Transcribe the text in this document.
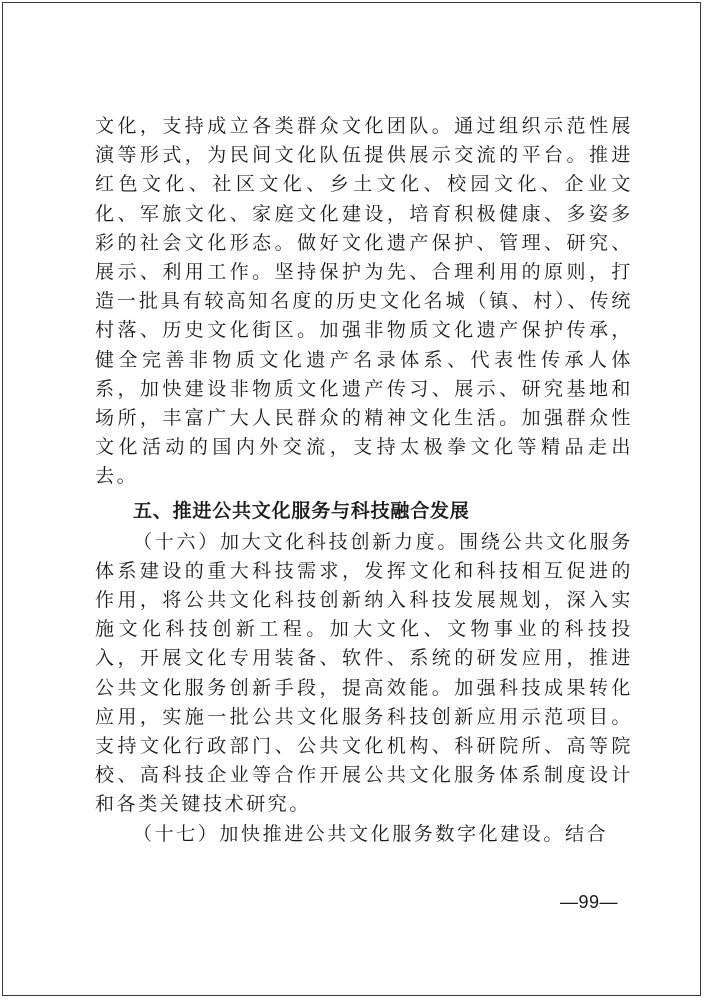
文化，支持成立各类群众文化团队。通过组织示范性展演等形式，为民间文化队伍提供展示交流的平台。推进红色文化、社区文化、乡土文化、校园文化、企业文化、军旅文化、家庭文化建设，培育积极健康、多姿多彩的社会文化形态。做好文化遗产保护、管理、研究、展示、利用工作。坚持保护为先、合理利用的原则，打造一批具有较高知名度的历史文化名城（镇、村）、传统村落、历史文化街区。加强非物质文化遗产保护传承，健全完善非物质文化遗产名录体系、代表性传承人体系，加快建设非物质文化遗产传习、展示、研究基地和场所，丰富广大人民群众的精神文化生活。加强群众性文化活动的国内外交流，支持太极拳文化等精品走出去。

五、推进公共文化服务与科技融合发展

（十六）加大文化科技创新力度。围绕公共文化服务体系建设的重大科技需求，发挥文化和科技相互促进的作用，将公共文化科技创新纳入科技发展规划，深入实施文化科技创新工程。加大文化、文物事业的科技投入，开展文化专用装备、软件、系统的研发应用，推进公共文化服务创新手段，提高效能。加强科技成果转化应用，实施一批公共文化服务科技创新应用示范项目。支持文化行政部门、公共文化机构、科研院所、高等院校、高科技企业等合作开展公共文化服务体系制度设计和各类关键技术研究。

（十七）加快推进公共文化服务数字化建设。结合

—99—
